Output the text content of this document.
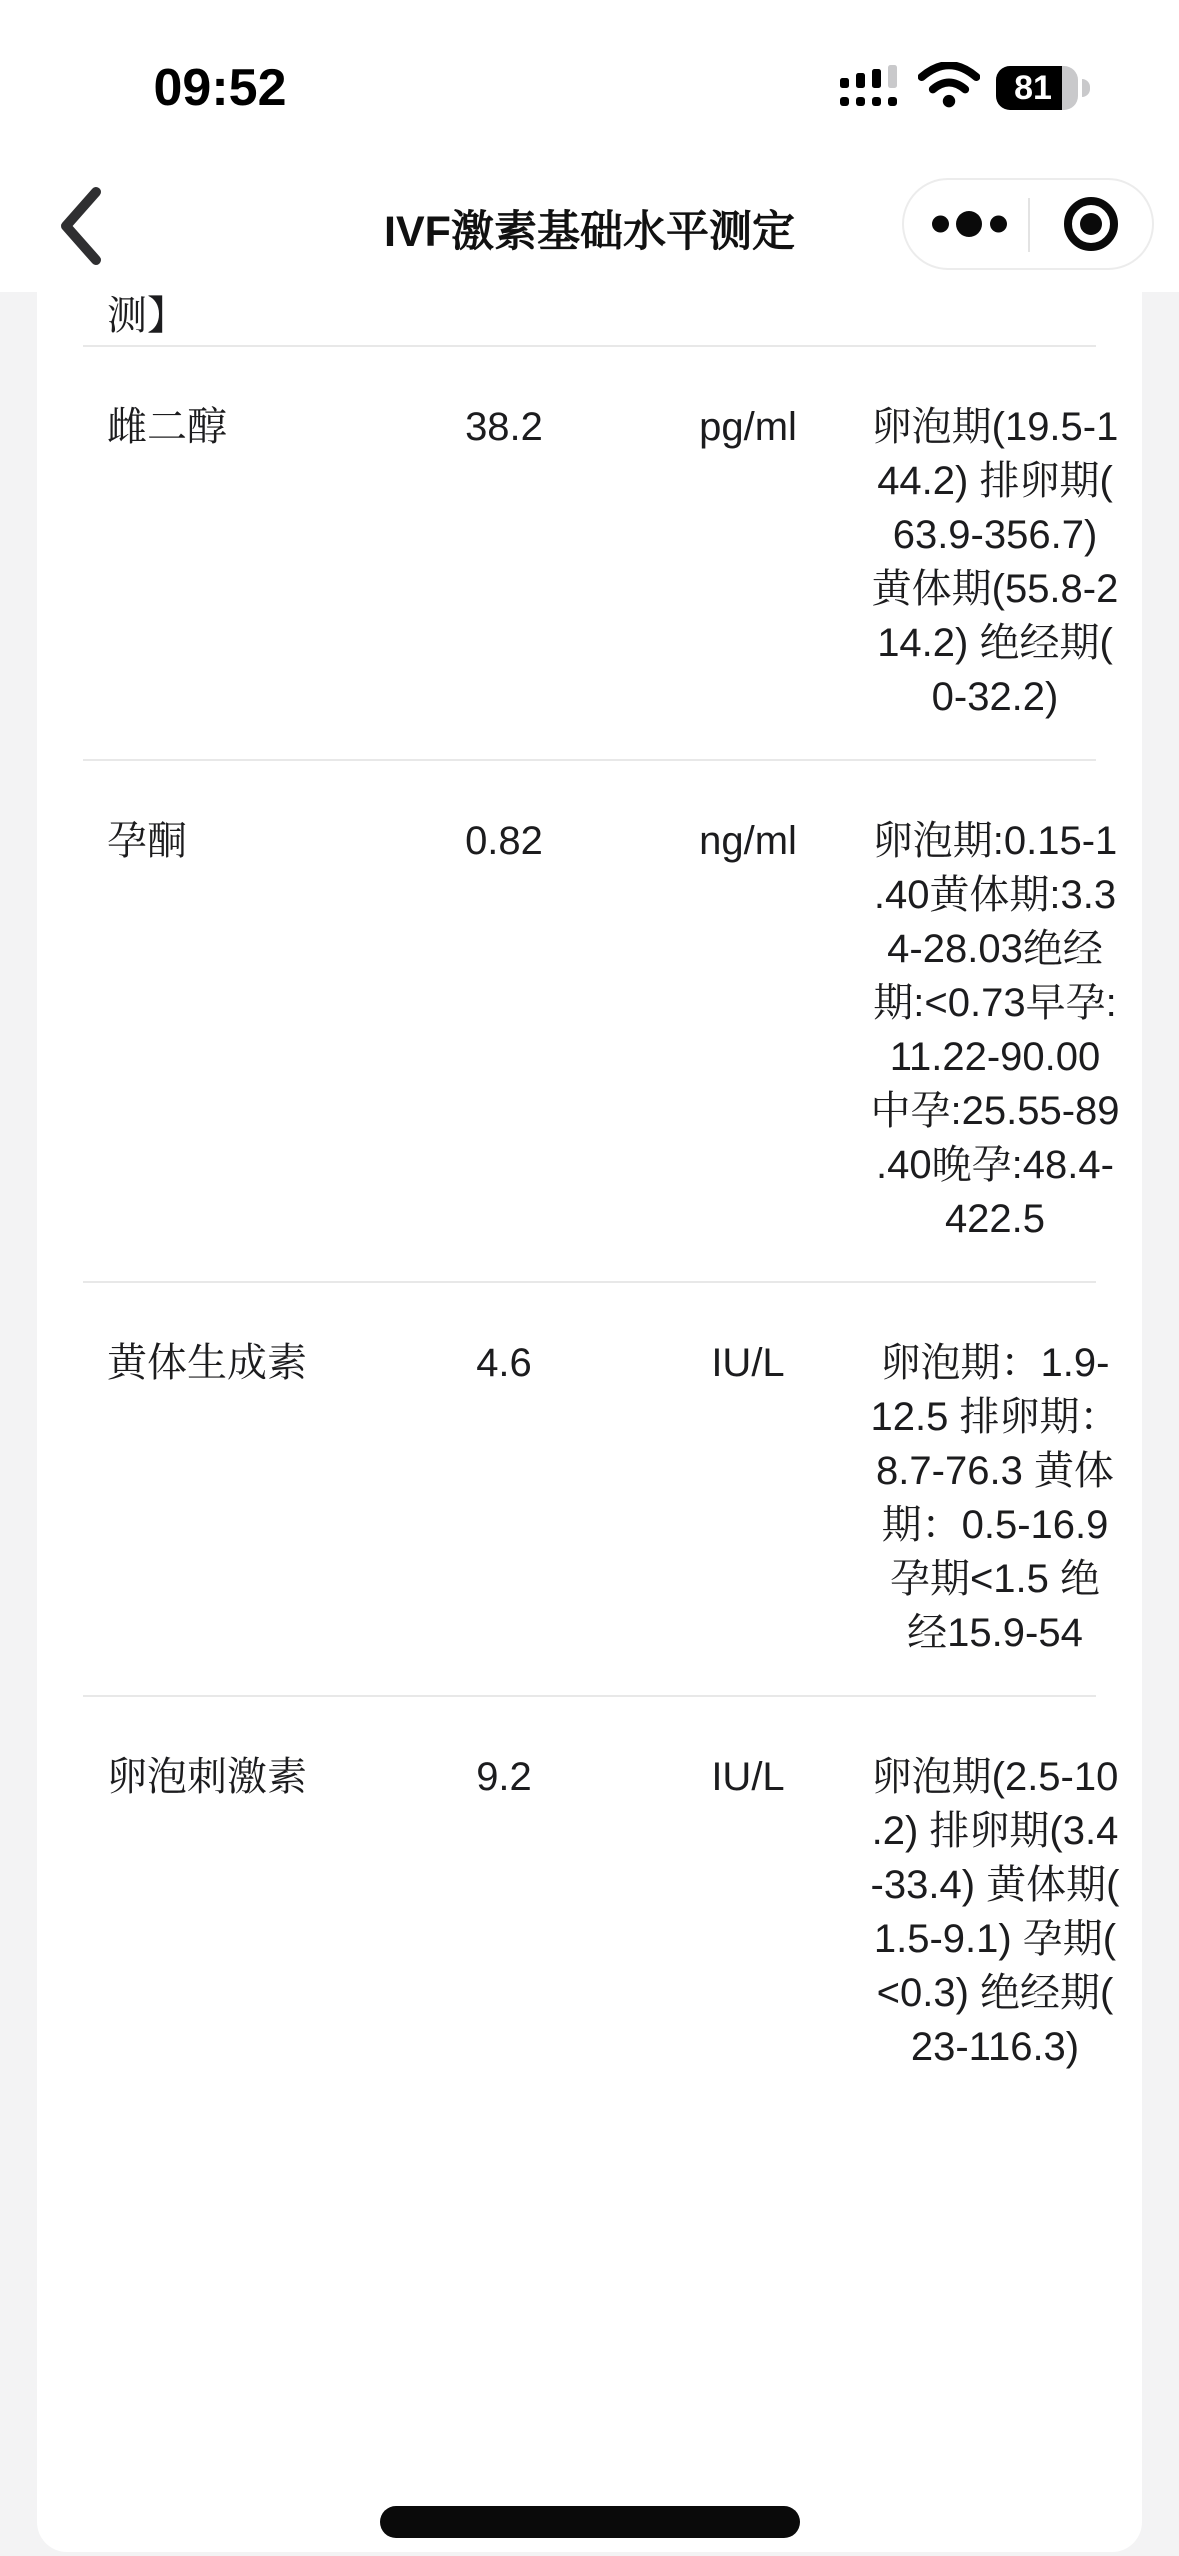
测】
雌二醇	38.2	pg/ml	卵泡期(19.5-144.2) 排卵期(63.9-356.7) 黄体期(55.8-214.2) 绝经期(0-32.2)
孕酮	0.82	ng/ml	卵泡期:0.15-1.40黄体期:3.34-28.03绝经期:<0.73早孕:11.22-90.00中孕:25.55-89.40晚孕:48.4-422.5
黄体生成素	4.6	IU/L	卵泡期：1.9-12.5 排卵期：8.7-76.3 黄体期：0.5-16.9 孕期<1.5 绝经15.9-54
卵泡刺激素	9.2	IU/L	卵泡期(2.5-10.2) 排卵期(3.4-33.4) 黄体期(1.5-9.1) 孕期(<0.3) 绝经期(23-116.3)
09:52	81
IVF激素基础水平测定
